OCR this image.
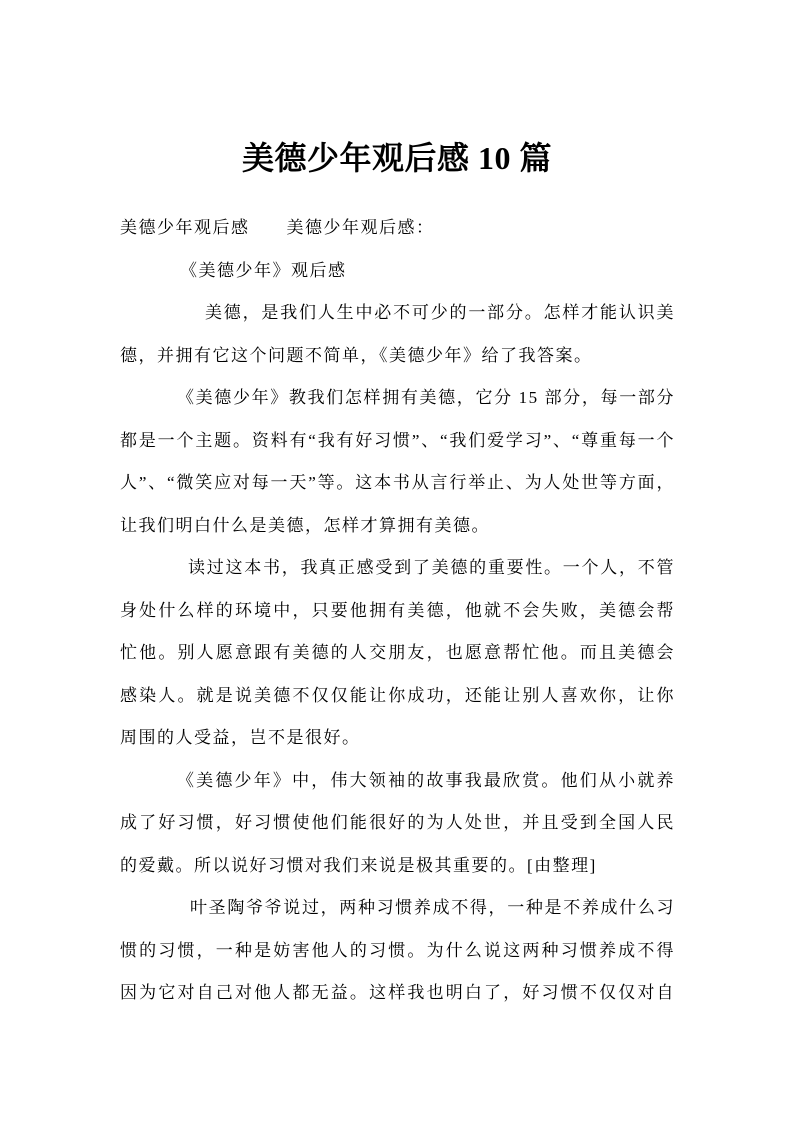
美德少年观后感 10 篇
美德少年观后感　　美德少年观后感：
《美德少年》观后感
美德，是我们人生中必不可少的一部分。怎样才能认识美
德，并拥有它这个问题不简单，《美德少年》给了我答案。
《美德少年》教我们怎样拥有美德，它分 15 部分，每一部分
都是一个主题。资料有“我有好习惯”、“我们爱学习”、“尊重每一个
人”、“微笑应对每一天”等。这本书从言行举止、为人处世等方面，
让我们明白什么是美德，怎样才算拥有美德。
读过这本书，我真正感受到了美德的重要性。一个人，不管
身处什么样的环境中，只要他拥有美德，他就不会失败，美德会帮
忙他。别人愿意跟有美德的人交朋友，也愿意帮忙他。而且美德会
感染人。就是说美德不仅仅能让你成功，还能让别人喜欢你，让你
周围的人受益，岂不是很好。
《美德少年》中，伟大领袖的故事我最欣赏。他们从小就养
成了好习惯，好习惯使他们能很好的为人处世，并且受到全国人民
的爱戴。所以说好习惯对我们来说是极其重要的。[由整理]
叶圣陶爷爷说过，两种习惯养成不得，一种是不养成什么习
惯的习惯，一种是妨害他人的习惯。为什么说这两种习惯养成不得
因为它对自己对他人都无益。这样我也明白了，好习惯不仅仅对自
